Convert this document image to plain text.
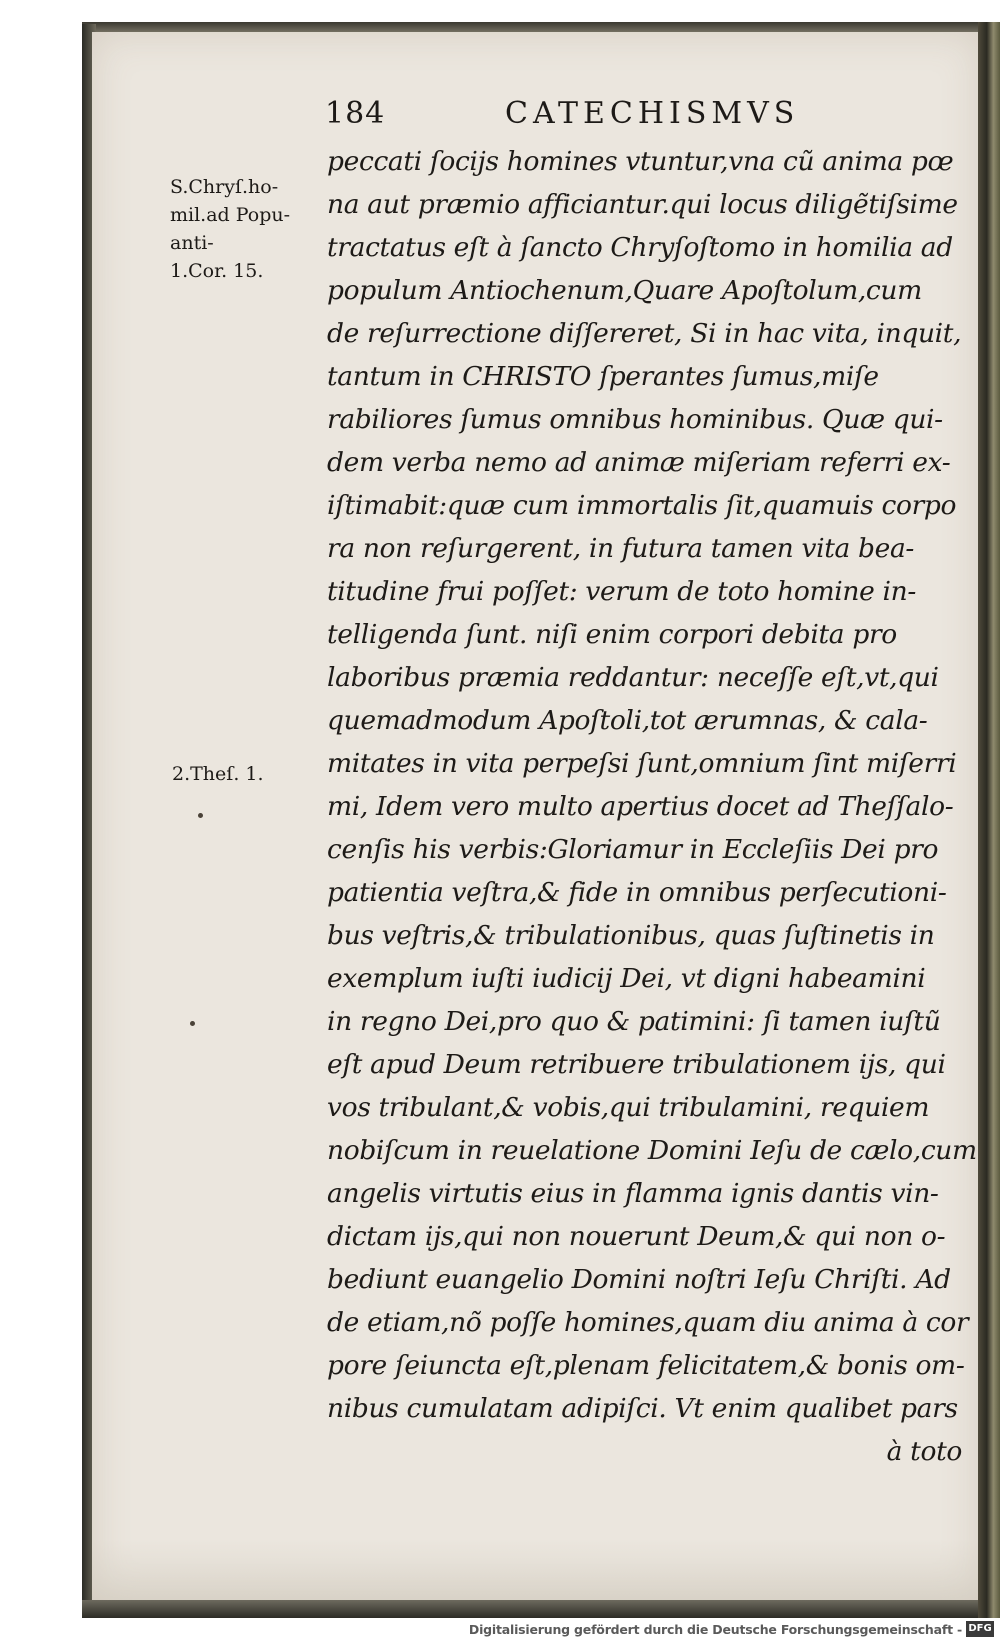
184	CATECHISMVS
S.Chryſ.ho-
mil.ad Popu-
anti-
1.Cor. 15.
2.Theſ. 1.
peccati ſocijs homines vtuntur,vna cũ anima pœ
na aut præmio afficiantur.qui locus diligẽtiſsime
tractatus eſt à ſancto Chryſoſtomo in homilia ad
populum Antiochenum,Quare Apoſtolum,cum
de reſurrectione diſſereret, Si in hac vita, inquit,
tantum in CHRISTO ſperantes ſumus,miſe
rabiliores ſumus omnibus hominibus. Quæ qui-
dem verba nemo ad animæ miſeriam referri ex-
iſtimabit:quæ cum immortalis ſit,quamuis corpo
ra non reſurgerent, in futura tamen vita bea-
titudine frui poſſet: verum de toto homine in-
telligenda ſunt. niſi enim corpori debita pro
laboribus præmia reddantur: neceſſe eſt,vt,qui
quemadmodum Apoſtoli,tot ærumnas, & cala-
mitates in vita perpeſsi ſunt,omnium ſint miſerri
mi, Idem vero multo apertius docet ad Theſſalo-
cenſis his verbis:Gloriamur in Eccleſiis Dei pro
patientia veſtra,& fide in omnibus perſecutioni-
bus veſtris,& tribulationibus, quas ſuſtinetis in
exemplum iuſti iudicij Dei, vt digni habeamini
in regno Dei,pro quo & patimini: ſi tamen iuſtũ
eſt apud Deum retribuere tribulationem ijs, qui
vos tribulant,& vobis,qui tribulamini, requiem
nobiſcum in reuelatione Domini Ieſu de cælo,cum
angelis virtutis eius in flamma ignis dantis vin-
dictam ijs,qui non nouerunt Deum,& qui non o-
bediunt euangelio Domini noſtri Ieſu Chriſti. Ad
de etiam,nõ poſſe homines,quam diu anima à cor
pore ſeiuncta eſt,plenam felicitatem,& bonis om-
nibus cumulatam adipiſci. Vt enim qualibet pars
à toto
Digitalisierung gefördert durch die Deutsche Forschungsgemeinschaft - DFG
